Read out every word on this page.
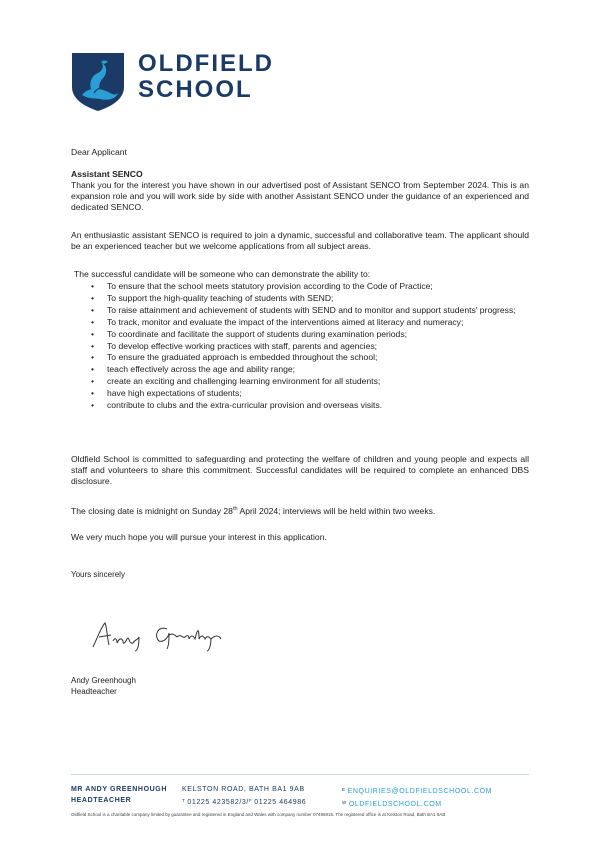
OLDFIELD
SCHOOL
Dear Applicant
Assistant SENCO

Thank you for the interest you have shown in our advertised post of Assistant SENCO from September 2024. This is an expansion role and you will work side by side with another Assistant SENCO under the guidance of an experienced and dedicated SENCO.

An enthusiastic assistant SENCO is required to join a dynamic, successful and collaborative team. The applicant should be an experienced teacher but we welcome applications from all subject areas.

The successful candidate will be someone who can demonstrate the ability to:
• To ensure that the school meets statutory provision according to the Code of Practice;
• To support the high-quality teaching of students with SEND;
• To raise attainment and achievement of students with SEND and to monitor and support students' progress;
• To track, monitor and evaluate the impact of the interventions aimed at literacy and numeracy;
• To coordinate and facilitate the support of students during examination periods;
• To develop effective working practices with staff, parents and agencies;
• To ensure the graduated approach is embedded throughout the school;
• teach effectively across the age and ability range;
• create an exciting and challenging learning environment for all students;
• have high expectations of students;
• contribute to clubs and the extra-curricular provision and overseas visits.

Oldfield School is committed to safeguarding and protecting the welfare of children and young people and expects all staff and volunteers to share this commitment. Successful candidates will be required to complete an enhanced DBS disclosure.

The closing date is midnight on Sunday 28th April 2024; interviews will be held within two weeks.

We very much hope you will pursue your interest in this application.
Yours sincerely
Andy Greenhough
Headteacher
MR ANDY GREENHOUGH
HEADTEACHER
KELSTON ROAD, BATH BA1 9AB
$^T$ 01225 423582/3/$^F$ 01225 464986
$^E$ ENQUIRIES@OLDFIELDSCHOOL.COM
$^W$ OLDFIELDSCHOOL.COM
Oldfield School is a charitable company limited by guarantee and registered in England and Wales with company number 07495915. The registered office is at Kelston Road, Bath BA1 9AB
